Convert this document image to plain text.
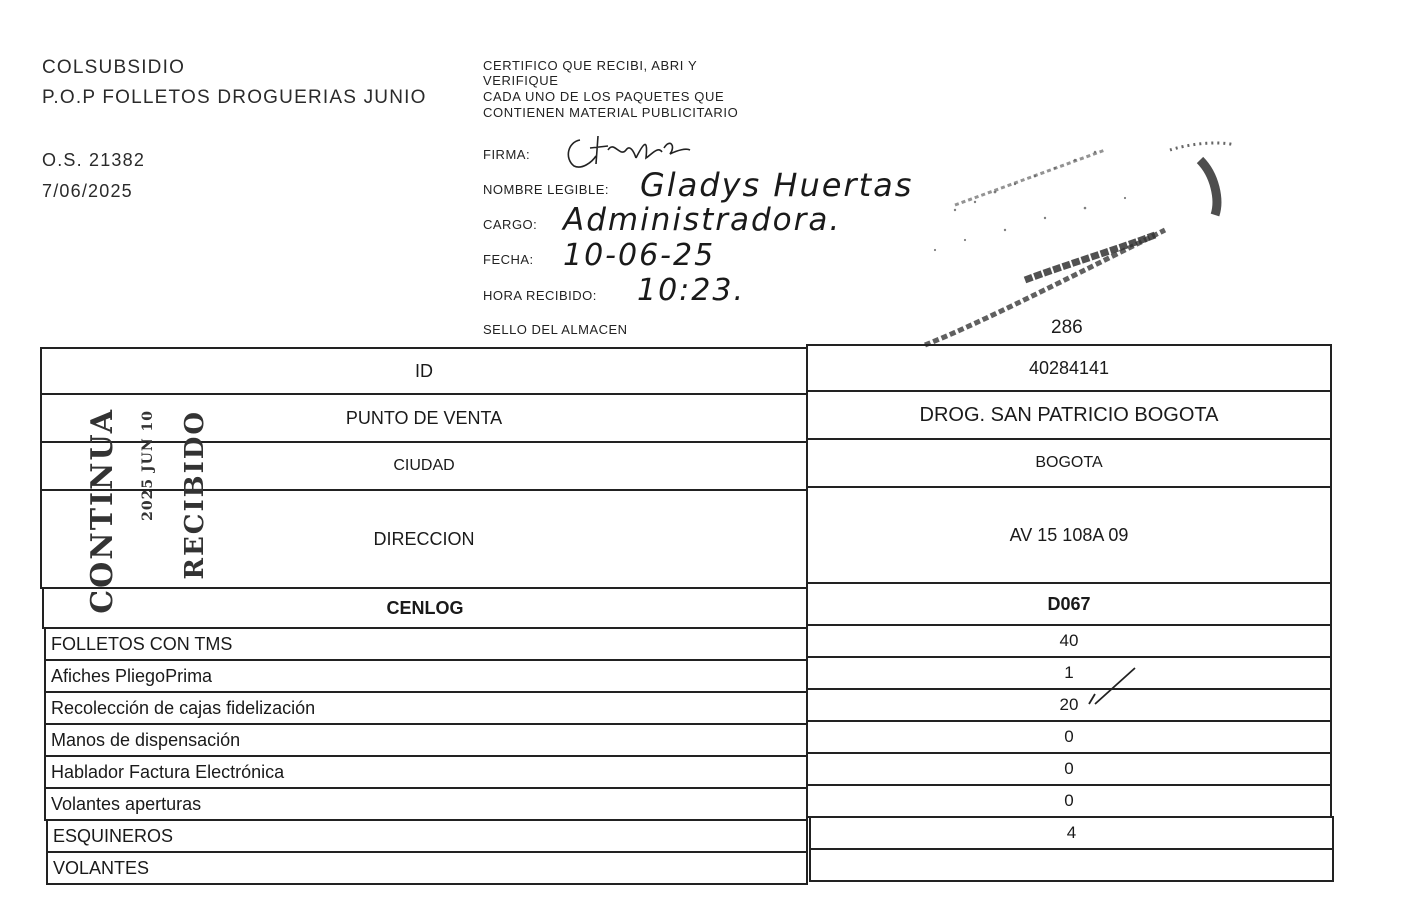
COLSUBSIDIO
P.O.P FOLLETOS DROGUERIAS JUNIO
O.S. 21382
7/06/2025
CERTIFICO QUE RECIBI, ABRI Y
VERIFIQUE
CADA UNO DE LOS PAQUETES QUE
CONTIENEN MATERIAL PUBLICITARIO
FIRMA:
NOMBRE LEGIBLE: Gladys Huertas
CARGO: Administradora.
FECHA: 10-06-25
HORA RECIBIDO: 10:23.
SELLO DEL ALMACEN	286
ID	40284141
PUNTO DE VENTA	DROG. SAN PATRICIO BOGOTA
CIUDAD	BOGOTA
DIRECCION	AV 15 108A 09
CENLOG	D067
CONTINUA 2025 JUN 10 RECIBIDO
FOLLETOS CON TMS	40
Afiches PliegoPrima	1
Recolección de cajas fidelización	20
Manos de dispensación	0
Hablador Factura Electrónica	0
Volantes aperturas	0
ESQUINEROS	4
VOLANTES
